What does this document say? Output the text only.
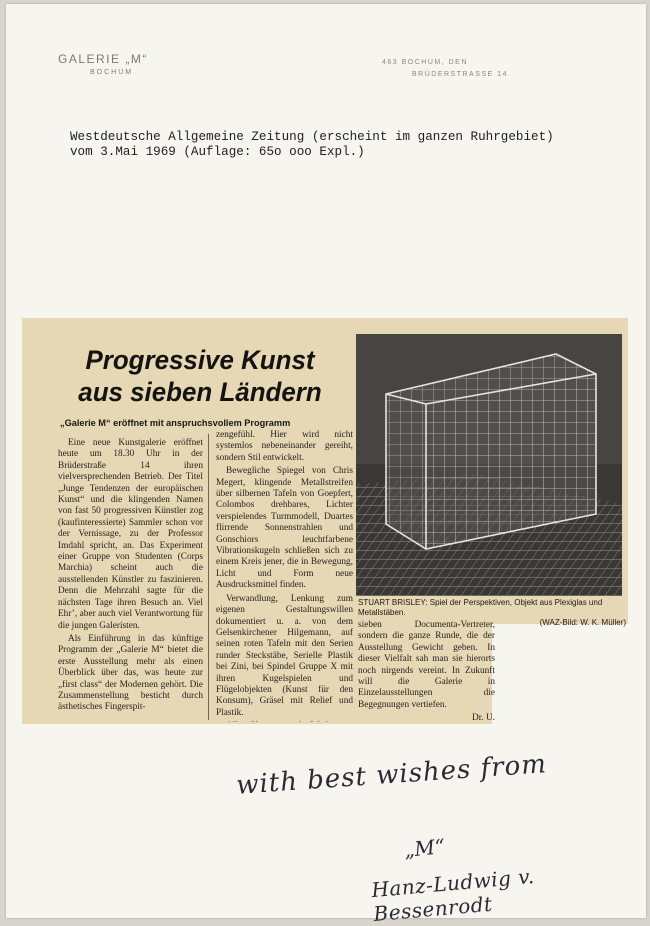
GALERIE „M“
BOCHUM
463 BOCHUM, DEN
BRÜDERSTRASSE 14
Westdeutsche Allgemeine Zeitung (erscheint im ganzen Ruhrgebiet)
vom 3.Mai 1969 (Auflage: 65o ooo Expl.)
Progressive Kunst
aus sieben Ländern
„Galerie M“ eröffnet mit anspruchsvollem Programm

Eine neue Kunstgalerie eröffnet heute um 18.30 Uhr in der Brüderstraße 14 ihren vielversprechenden Betrieb. Der Titel „Junge Tendenzen der europäischen Kunst“ und die klingenden Namen von fast 50 progressiven Künstler zog (kaufinteressierte) Sammler schon vor der Vernissage, zu der Professor Imdahl spricht, an. Das Experiment einer Gruppe von Studenten (Corps Marchia) scheint auch die ausstellenden Künstler zu faszinieren. Denn die Mehrzahl sagte für die nächsten Tage ihren Besuch an. Viel Ehr’, aber auch viel Verantwortung für die jungen Galeristen.

Als Einführung in das künftige Programm der „Galerie M“ bietet die erste Ausstellung mehr als einen Überblick über das, was heute zur „first class“ der Modernen gehört. Die Zusammenstellung besticht durch ästhetisches Fingerspit-

zengefühl. Hier wird nicht systemlos nebeneinander gereiht, sondern Stil entwickelt.

Bewegliche Spiegel von Chris Megert, klingende Metallstreifen über silbernen Tafeln von Goepfert, Colombos drehbares, Lichter verspielendes Turmmodell, Duartes flirrende Sonnenstrahlen und Gonschiors leuchtfarbene Vibrationskugeln schließen sich zu einem Kreis jener, die in Bewegung, Licht und Form neue Ausdrucksmittel finden.

Verwandlung, Lenkung zum eigenen Gestaltungswillen dokumentiert u. a. von dem Gelsenkirchener Hilgemann, auf seinen roten Tafeln mit den Serien runder Steckstäbe, Serielle Plastik bei Zini, bei Spindel Gruppe X mit ihren Kugelspielen und Flügelobjekten (Kunst für den Konsum), Gräsel mit Relief und Plastik.

STUART BRISLEY: Spiel der Perspektiven, Objekt aus Plexiglas und Metallstäben.
(WAZ-Bild: W. K. Müller)

sieben Documenta-Vertreter, sondern die ganze Runde, die der Ausstellung Gewicht geben. In dieser Vielfalt sah man sie hierorts noch nirgends vereint. In Zukunft will die Galerie in Einzelausstellungen die Begegnungen vertiefen.

Dr. U.
with best wishes from
„M“
Hanz-Ludwig v. Bessenrodt
